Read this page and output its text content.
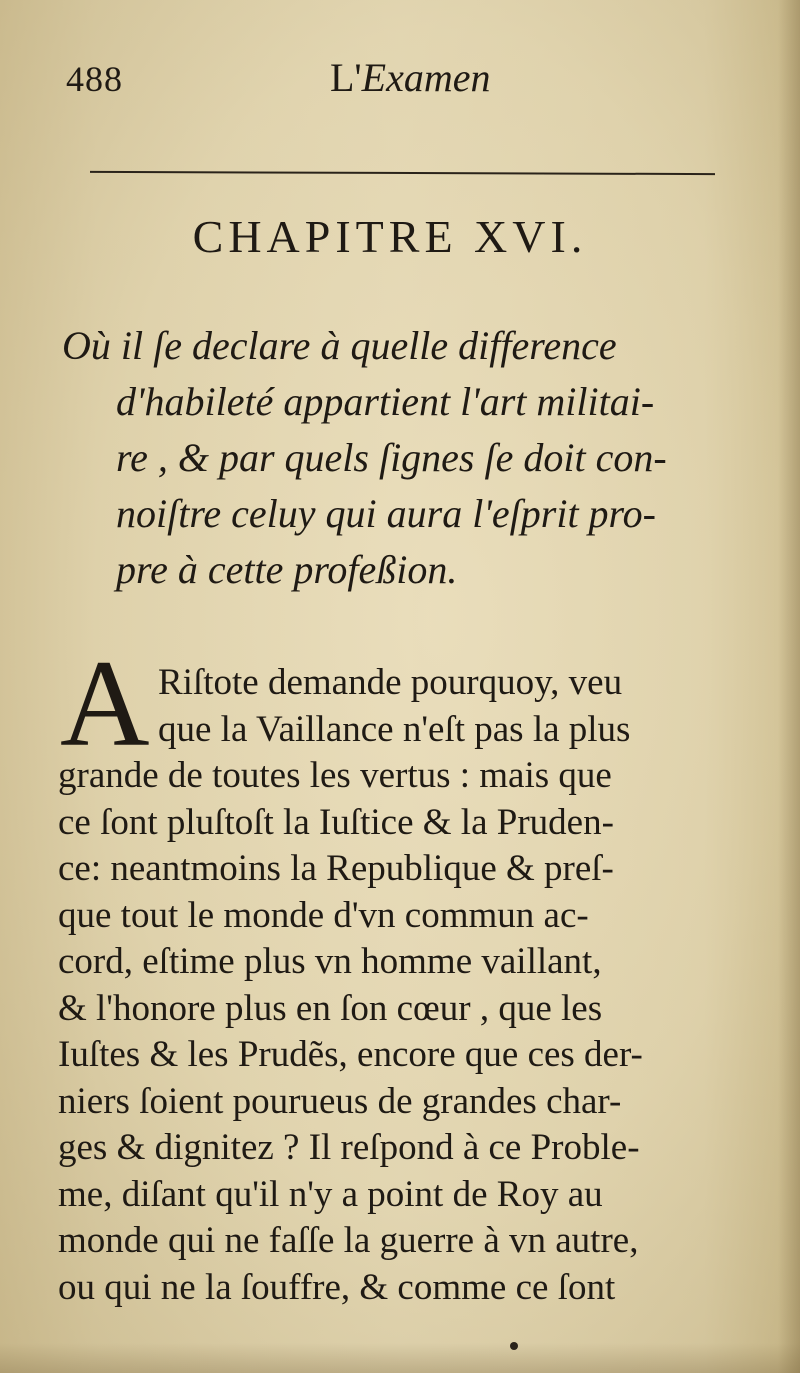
488	L'Examen
CHAPITRE XVI.
Où il ſe declare à quelle difference
d'habileté appartient l'art militai-
re , & par quels ſignes ſe doit con-
noiſtre celuy qui aura l'eſprit pro-
pre à cette profeßion.
A Riſtote demande pourquoy, veu
que la Vaillance n'eſt pas la plus
grande de toutes les vertus : mais que
ce ſont pluſtoſt la Iuſtice & la Pruden-
ce: neantmoins la Republique & preſ-
que tout le monde d'vn commun ac-
cord, eſtime plus vn homme vaillant,
& l'honore plus en ſon cœur , que les
Iuſtes & les Prudẽs, encore que ces der-
niers ſoient pourueus de grandes char-
ges & dignitez ? Il reſpond à ce Proble-
me, diſant qu'il n'y a point de Roy au
monde qui ne faſſe la guerre à vn autre,
ou qui ne la ſouffre, & comme ce ſont
